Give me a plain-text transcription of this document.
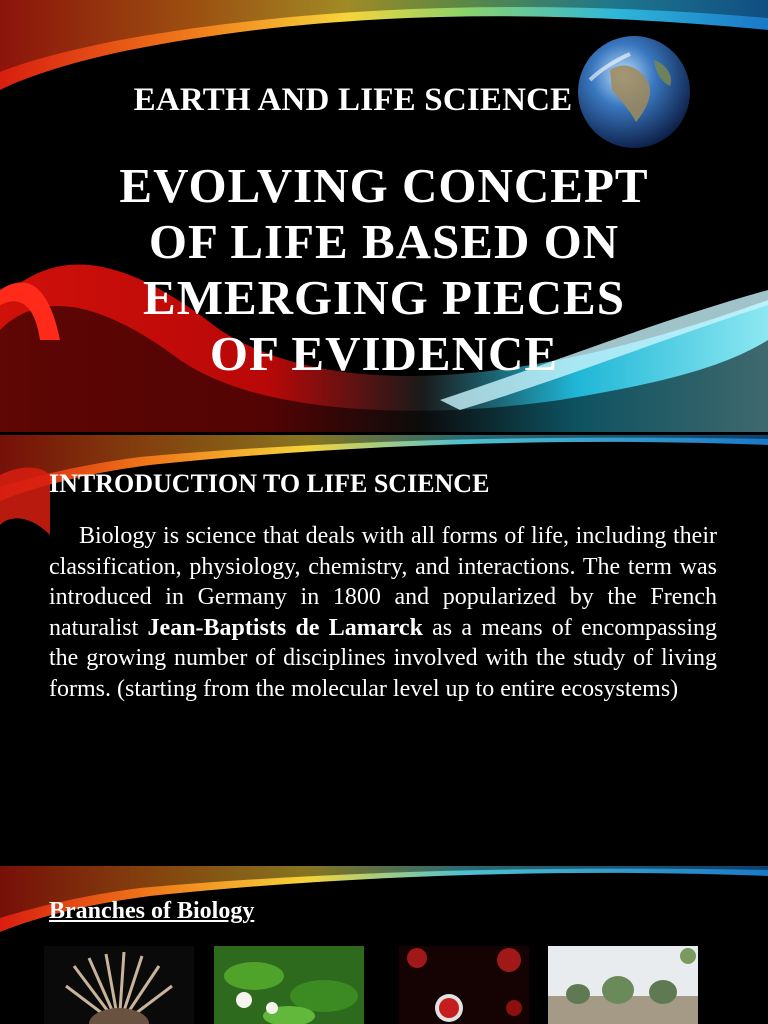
EARTH AND LIFE SCIENCE
EVOLVING CONCEPT
OF LIFE BASED ON
EMERGING PIECES
OF EVIDENCE
INTRODUCTION TO LIFE SCIENCE
Biology is science that deals with all forms of life, including their classification, physiology, chemistry, and interactions. The term was introduced in Germany in 1800 and popularized by the French naturalist Jean-Baptists de Lamarck as a means of encompassing the growing number of disciplines involved with the study of living forms. (starting from the molecular level up to entire ecosystems)
Branches of Biology
